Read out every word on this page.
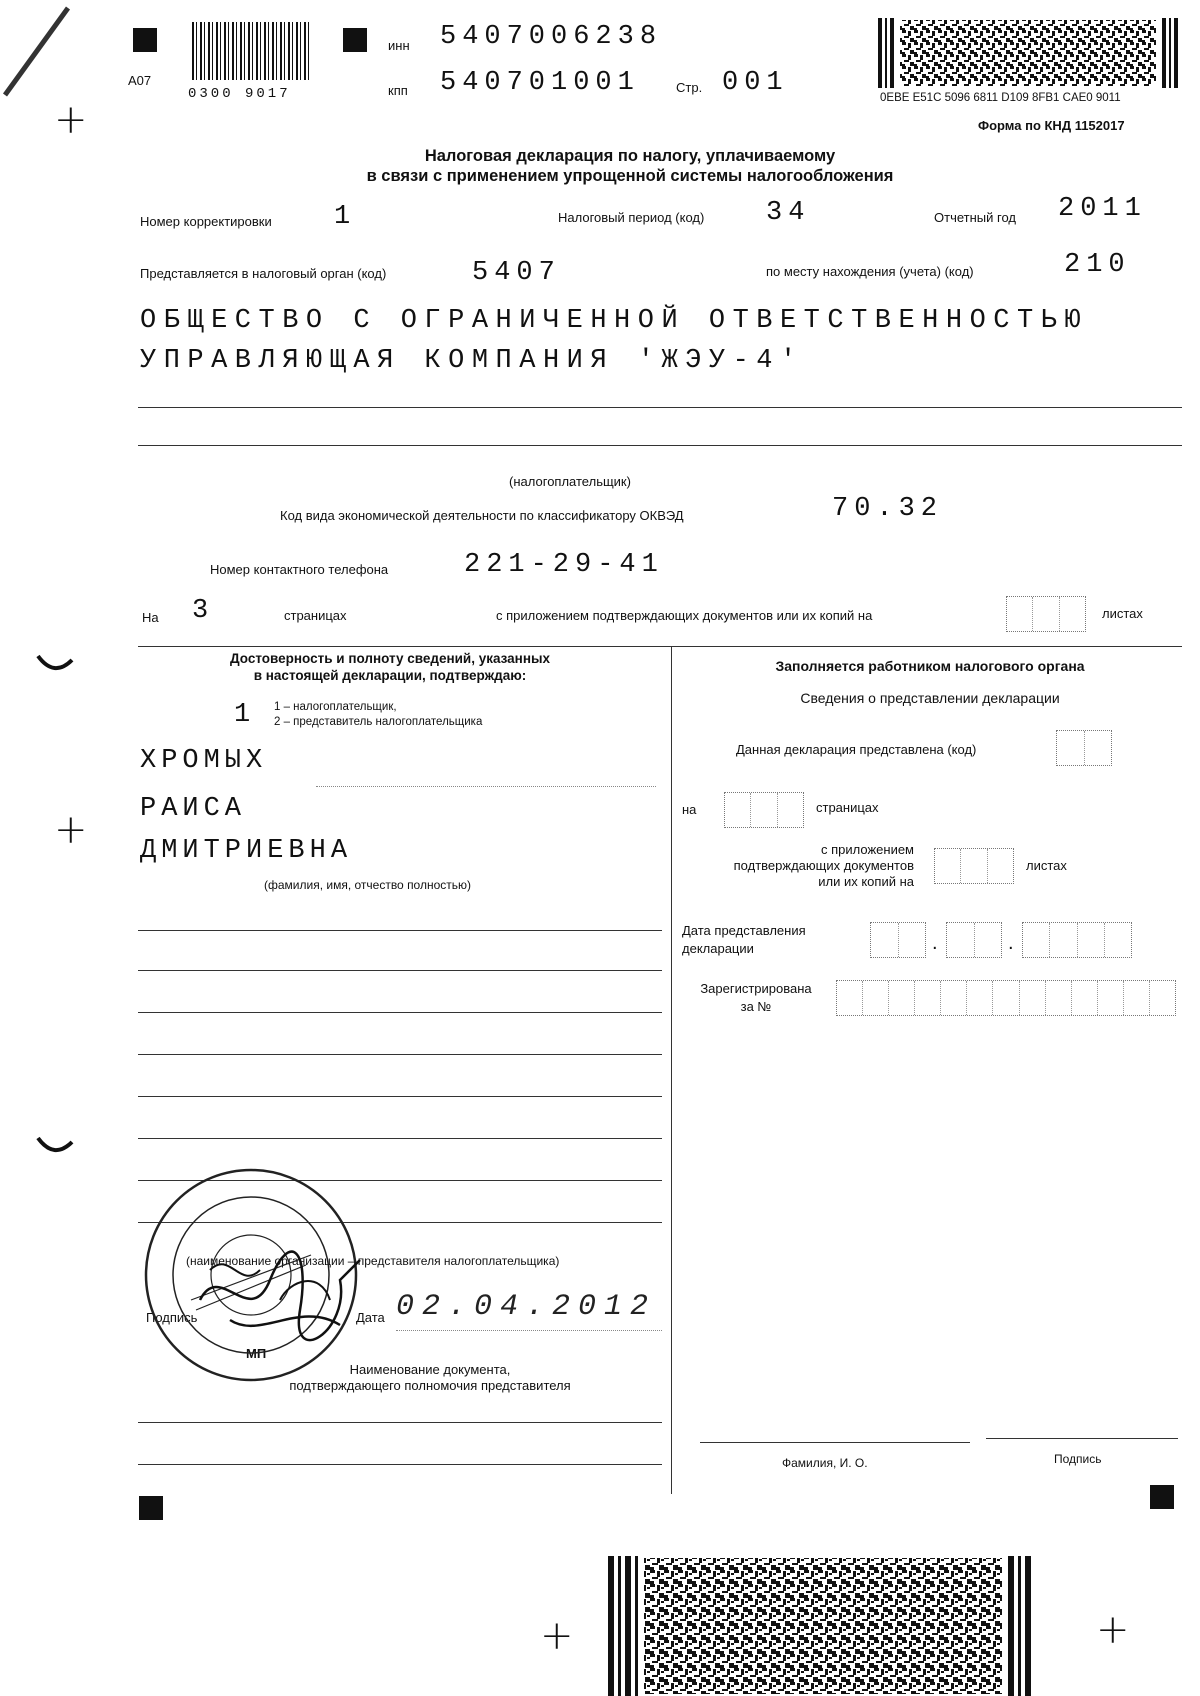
+
+
+	+
A07
0300 9017
инн 5407006238
кпп 540701001	Стр. 001	0EBE E51C 5096 6811 D109 8FB1 CAE0 9011
Форма по КНД 1152017
Налоговая декларация по налогу, уплачиваемому
в связи с применением упрощенной системы налогообложения
Номер корректировки 1	Налоговый период (код) 34	Отчетный год 2011
Представляется в налоговый орган (код)	5407	по месту нахождения (учета) (код)	210
ОБЩЕСТВО С ОГРАНИЧЕННОЙ ОТВЕТСТВЕННОСТЬЮ
УПРАВЛЯЮЩАЯ КОМПАНИЯ 'ЖЭУ-4'
(налогоплательщик)
Код вида экономической деятельности по классификатору ОКВЭД	70.32
Номер контактного телефона	221-29-41
На 3	страницах	с приложением подтверждающих документов или их копий на	листах
Достоверность и полноту сведений, указанных
в настоящей декларации, подтверждаю:
1 1 – налогоплательщик,
2 – представитель налогоплательщика
ХРОМЫХ
РАИСА
ДМИТРИЕВНА
(фамилия, имя, отчество полностью)
(наименование организации – представителя налогоплательщика)
Подпись	Дата 02.04.2012
МП
Наименование документа,
подтверждающего полномочия представителя
Заполняется работником налогового органа
Сведения о представлении декларации
Данная декларация представлена (код)
на	страницах
с приложением
подтверждающих документов
или их копий на
листах
Дата представления
декларации	.	.
Зарегистрирована
за №
Фамилия, И. О.	Подпись
